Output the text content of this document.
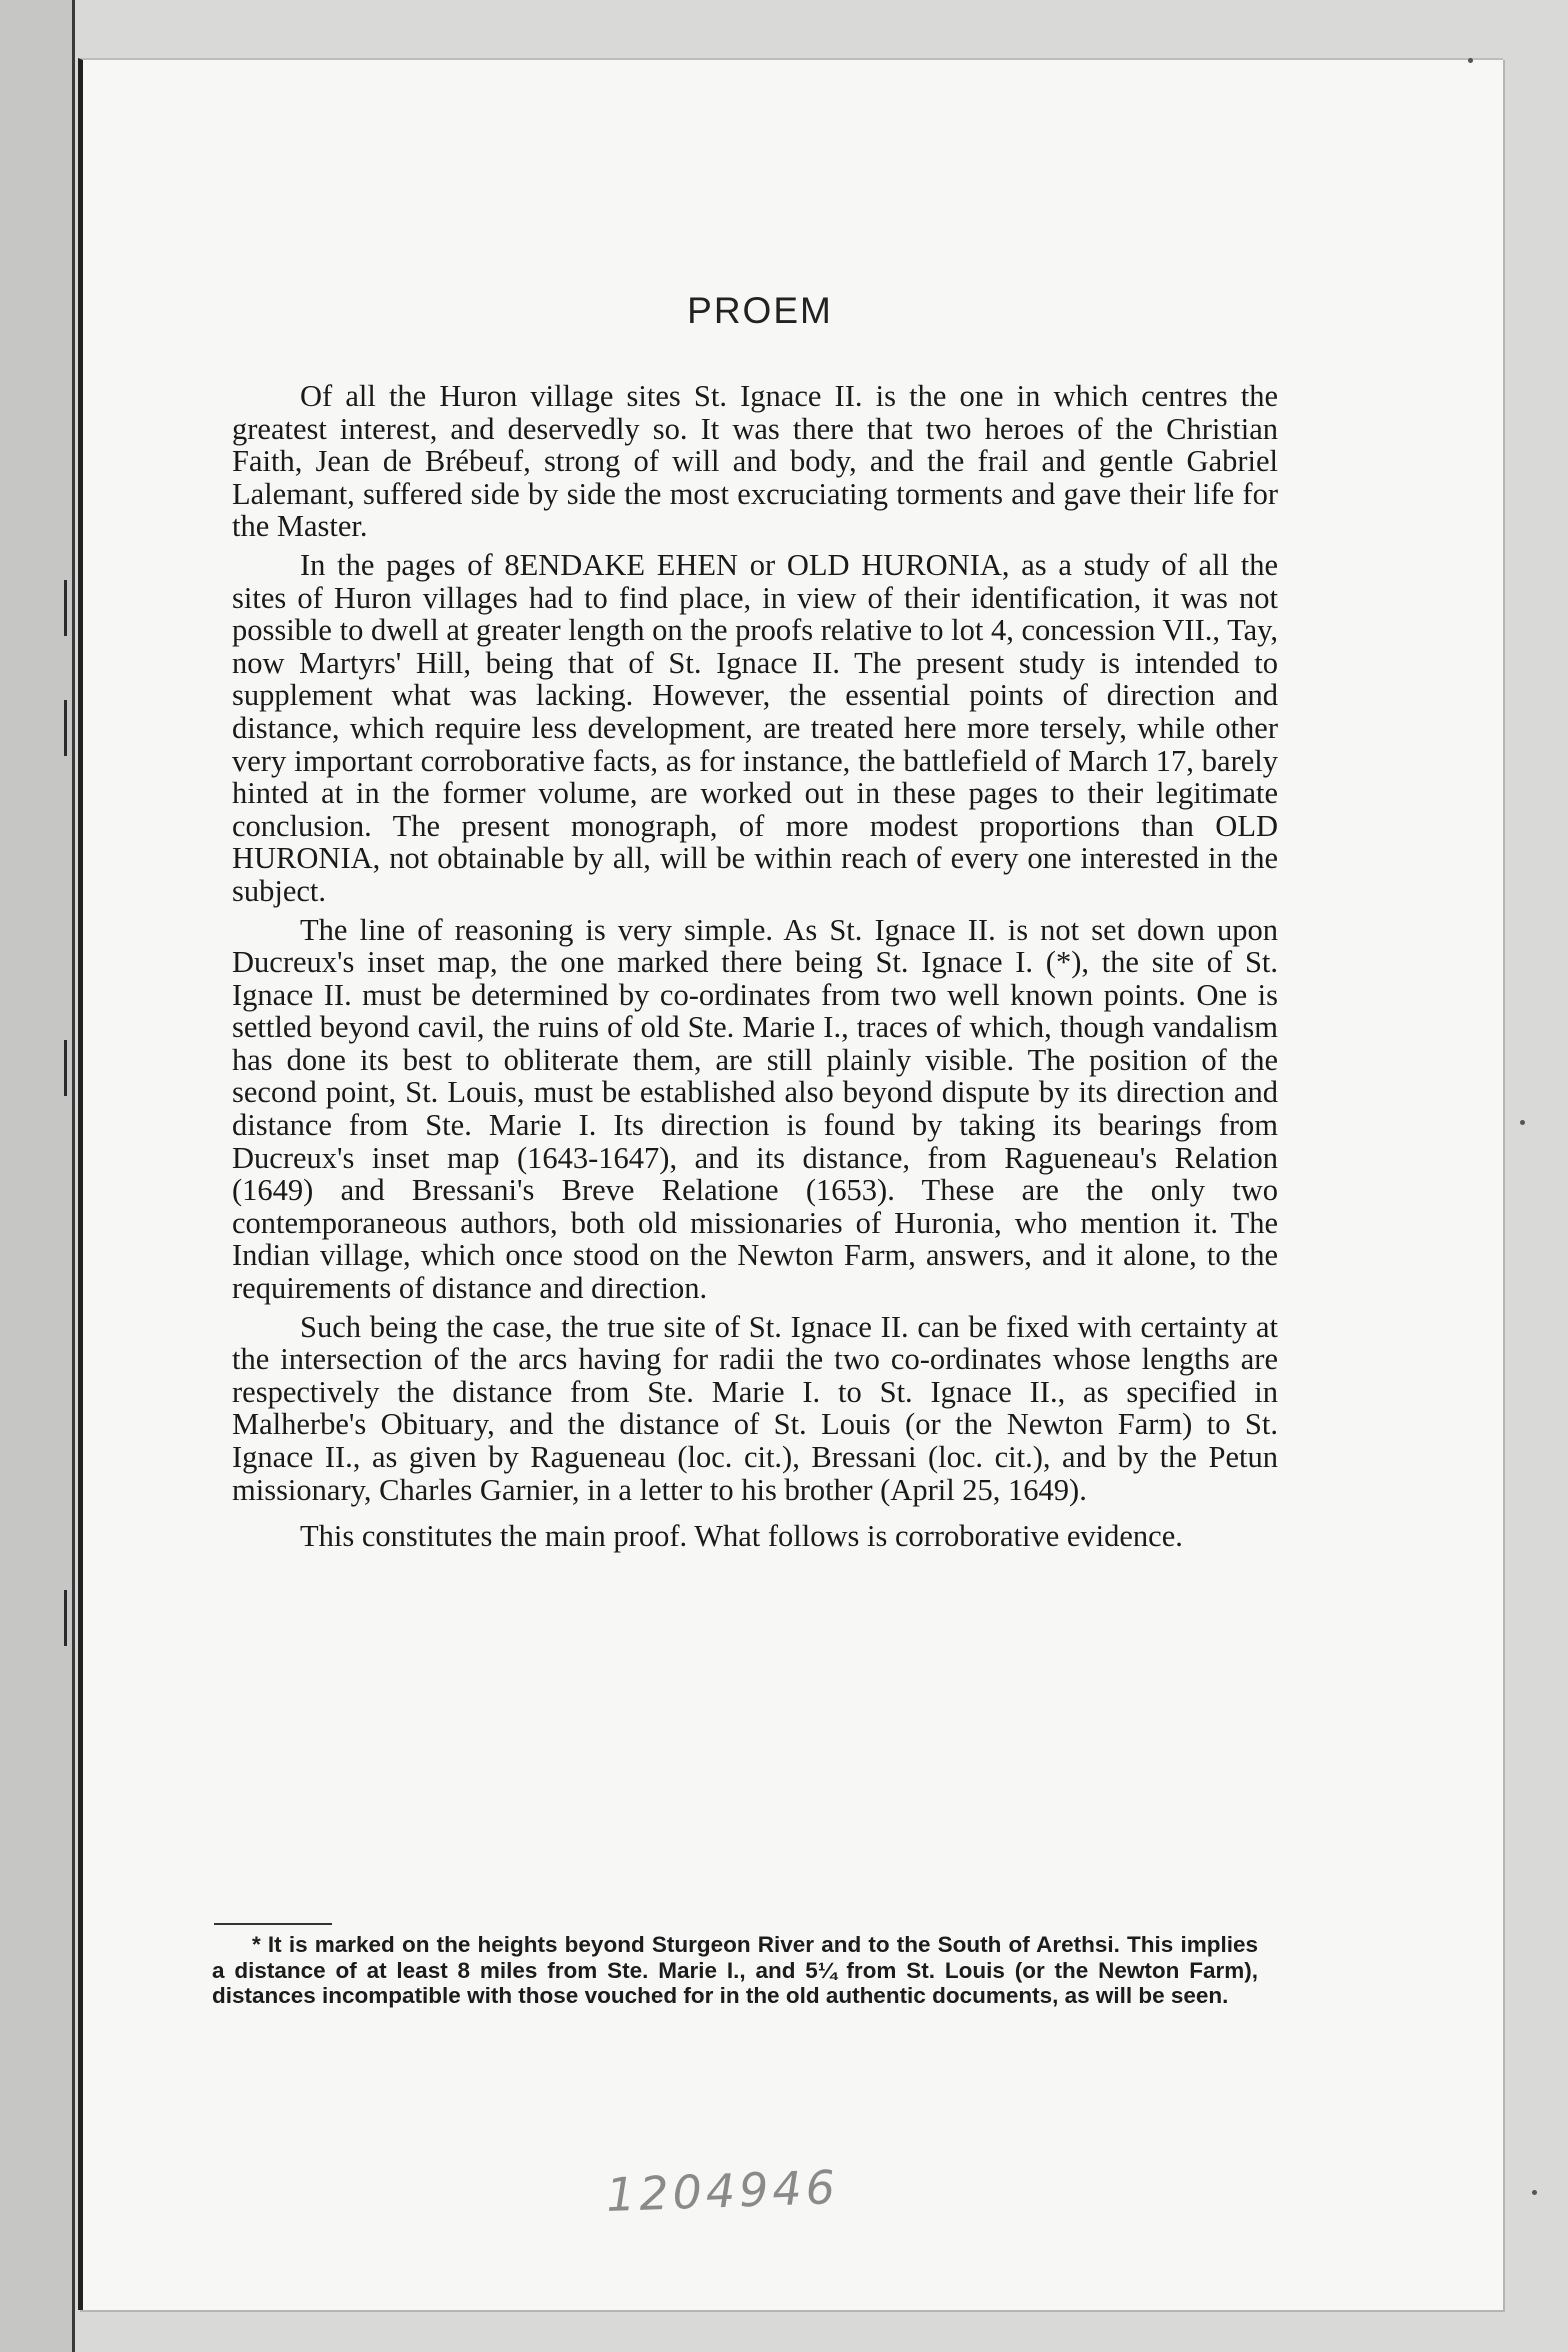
PROEM

Of all the Huron village sites St. Ignace II. is the one in which centres the greatest interest, and deservedly so. It was there that two heroes of the Christian Faith, Jean de Brébeuf, strong of will and body, and the frail and gentle Gabriel Lalemant, suffered side by side the most excruciating torments and gave their life for the Master.

In the pages of 8ENDAKE EHEN or OLD HURONIA, as a study of all the sites of Huron villages had to find place, in view of their identification, it was not possible to dwell at greater length on the proofs relative to lot 4, concession VII., Tay, now Martyrs' Hill, being that of St. Ignace II. The present study is intended to supplement what was lacking. However, the essential points of direction and distance, which require less development, are treated here more tersely, while other very important corroborative facts, as for instance, the battlefield of March 17, barely hinted at in the former volume, are worked out in these pages to their legitimate conclusion. The present monograph, of more modest proportions than OLD HURONIA, not obtainable by all, will be within reach of every one interested in the subject.

The line of reasoning is very simple. As St. Ignace II. is not set down upon Ducreux's inset map, the one marked there being St. Ignace I. (*), the site of St. Ignace II. must be determined by co-ordinates from two well known points. One is settled beyond cavil, the ruins of old Ste. Marie I., traces of which, though vandalism has done its best to obliterate them, are still plainly visible. The position of the second point, St. Louis, must be established also beyond dispute by its direction and distance from Ste. Marie I. Its direction is found by taking its bearings from Ducreux's inset map (1643-1647), and its distance, from Ragueneau's Relation (1649) and Bressani's Breve Relatione (1653). These are the only two contemporaneous authors, both old missionaries of Huronia, who mention it. The Indian village, which once stood on the Newton Farm, answers, and it alone, to the requirements of distance and direction.

Such being the case, the true site of St. Ignace II. can be fixed with certainty at the intersection of the arcs having for radii the two co-ordinates whose lengths are respectively the distance from Ste. Marie I. to St. Ignace II., as specified in Malherbe's Obituary, and the distance of St. Louis (or the Newton Farm) to St. Ignace II., as given by Ragueneau (loc. cit.), Bressani (loc. cit.), and by the Petun missionary, Charles Garnier, in a letter to his brother (April 25, 1649).

This constitutes the main proof. What follows is corroborative evidence.

* It is marked on the heights beyond Sturgeon River and to the South of Arethsi. This implies a distance of at least 8 miles from Ste. Marie I., and 5¼ from St. Louis (or the Newton Farm), distances incompatible with those vouched for in the old authentic documents, as will be seen.
1204946
